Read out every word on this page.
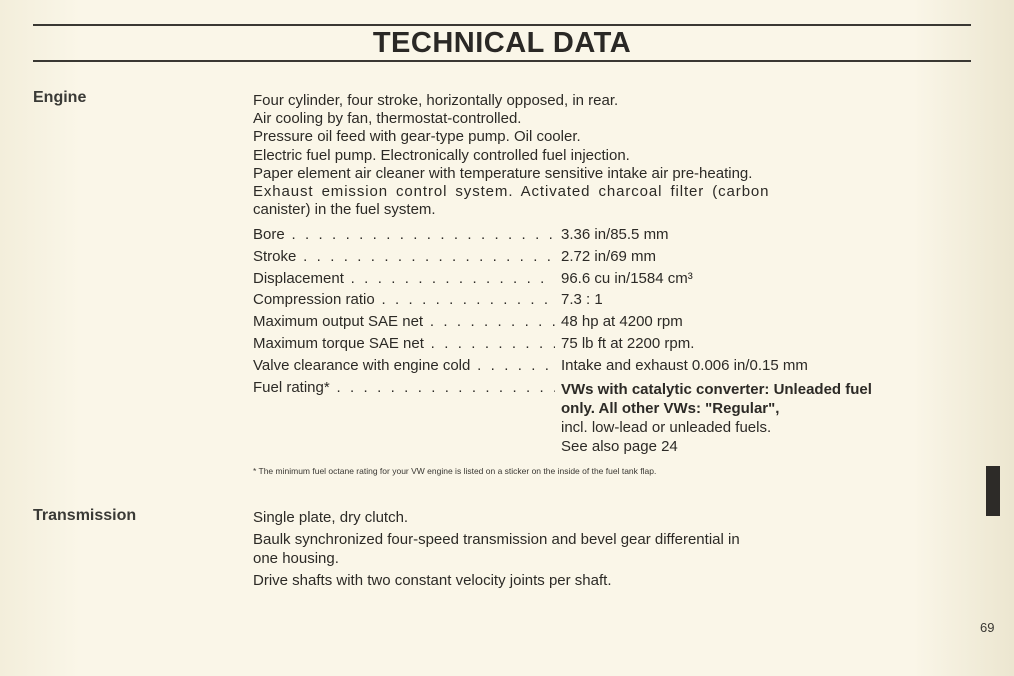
TECHNICAL DATA
Engine	Four cylinder, four stroke, horizontally opposed, in rear.
Air cooling by fan, thermostat-controlled.
Pressure oil feed with gear-type pump. Oil cooler.
Electric fuel pump. Electronically controlled fuel injection.
Paper element air cleaner with temperature sensitive intake air pre-heating.
Exhaust emission control system. Activated charcoal filter (carbon
canister) in the fuel system.
Bore . . .	3.36 in/85.5 mm
Stroke . . .	2.72 in/69 mm
Displacement . . .	96.6 cu in/1584 cm³
Compression ratio . . .	7.3 : 1
Maximum output SAE net . . .	48 hp at 4200 rpm
Maximum torque SAE net . . .	75 lb ft at 2200 rpm.
Valve clearance with engine cold . . .	Intake and exhaust 0.006 in/0.15 mm
Fuel rating* . . .	VWs with catalytic converter: Unleaded fuel
only. All other VWs: "Regular",
incl. low-lead or unleaded fuels.
See also page 24
* The minimum fuel octane rating for your VW engine is listed on a sticker on the inside of the fuel tank flap.
Transmission	Single plate, dry clutch.
Baulk synchronized four-speed transmission and bevel gear differential in
one housing.
Drive shafts with two constant velocity joints per shaft.
69
